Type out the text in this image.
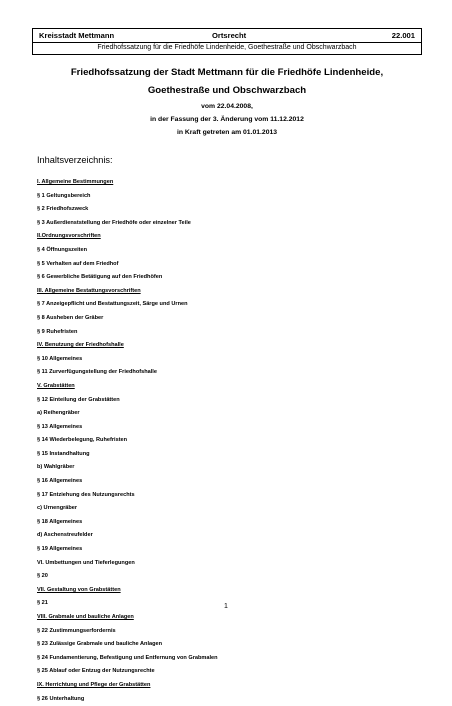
Kreisstadt Mettmann	Ortsrecht	22.001
Friedhofssatzung für die Friedhöfe Lindenheide, Goethestraße und Obschwarzbach
Friedhofssatzung der Stadt Mettmann für die Friedhöfe Lindenheide,
Goethestraße und Obschwarzbach
vom 22.04.2008,
in der Fassung der 3. Änderung vom 11.12.2012
in Kraft getreten am 01.01.2013
Inhaltsverzeichnis:
I. Allgemeine Bestimmungen
§ 1 Geltungsbereich
§ 2 Friedhofszweck
§ 3 Außerdienststellung der Friedhöfe oder einzelner Teile
II.Ordnungsvorschriften
§ 4 Öffnungszeiten
§ 5 Verhalten auf dem Friedhof
§ 6 Gewerbliche Betätigung auf den Friedhöfen
III. Allgemeine Bestattungsvorschriften
§ 7 Anzeigepflicht und Bestattungszeit, Särge und Urnen
§ 8 Ausheben der Gräber
§ 9 Ruhefristen
IV. Benutzung der Friedhofshalle
§ 10 Allgemeines
§ 11 Zurverfügungstellung der Friedhofshalle
V. Grabstätten
§ 12 Einteilung der Grabstätten
a) Reihengräber
§ 13 Allgemeines
§ 14 Wiederbelegung, Ruhefristen
§ 15 Instandhaltung
b) Wahlgräber
§ 16 Allgemeines
§ 17 Entziehung des Nutzungsrechts
c) Urnengräber
§ 18 Allgemeines
d) Aschenstreufelder
§ 19 Allgemeines
VI. Umbettungen und Tieferlegungen
§ 20
VII. Gestaltung von Grabstätten
§ 21
VIII. Grabmale und bauliche Anlagen
§ 22 Zustimmungserfordernis
§ 23 Zulässige Grabmale und bauliche Anlagen
§ 24 Fundamentierung, Befestigung und Entfernung von Grabmalen
§ 25 Ablauf oder Entzug der Nutzungsrechte
IX. Herrichtung und Pflege der Grabstätten
§ 26 Unterhaltung
1
